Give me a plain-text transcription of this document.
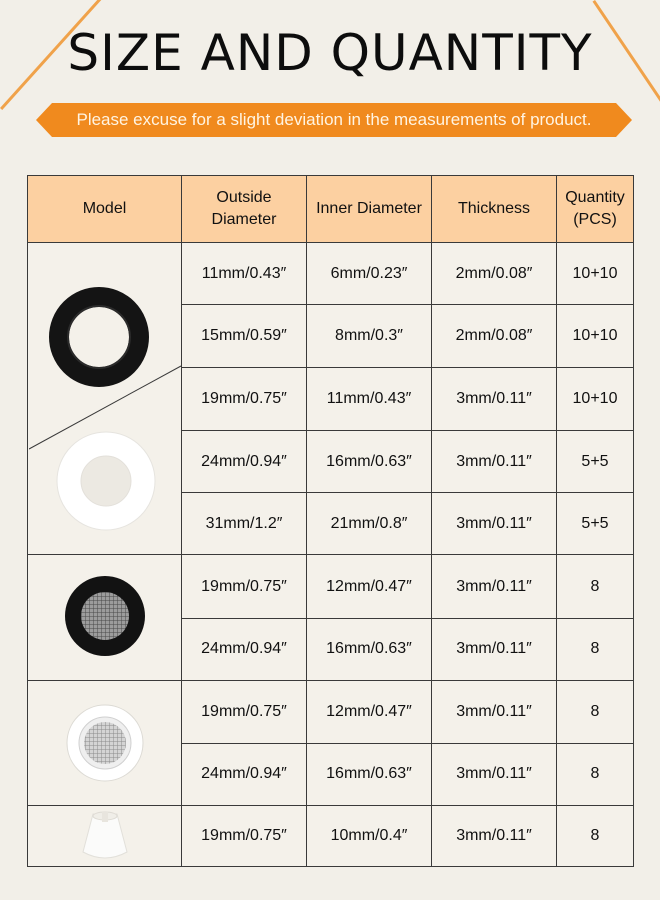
SIZE AND QUANTITY
Please excuse for a slight deviation in the measurements of product.
Model	Outside Diameter	Inner Diameter	Thickness	Quantity
(PCS)

	11mm/0.43″	6mm/0.23″	2mm/0.08″	10+10
	15mm/0.59″	8mm/0.3″	2mm/0.08″	10+10
	19mm/0.75″	11mm/0.43″	3mm/0.11″	10+10
	24mm/0.94″	16mm/0.63″	3mm/0.11″	5+5
	31mm/1.2″	21mm/0.8″	3mm/0.11″	5+5

	19mm/0.75″	12mm/0.47″	3mm/0.11″	8
	24mm/0.94″	16mm/0.63″	3mm/0.11″	8

	19mm/0.75″	12mm/0.47″	3mm/0.11″	8
	24mm/0.94″	16mm/0.63″	3mm/0.11″	8

	19mm/0.75″	10mm/0.4″	3mm/0.11″	8
